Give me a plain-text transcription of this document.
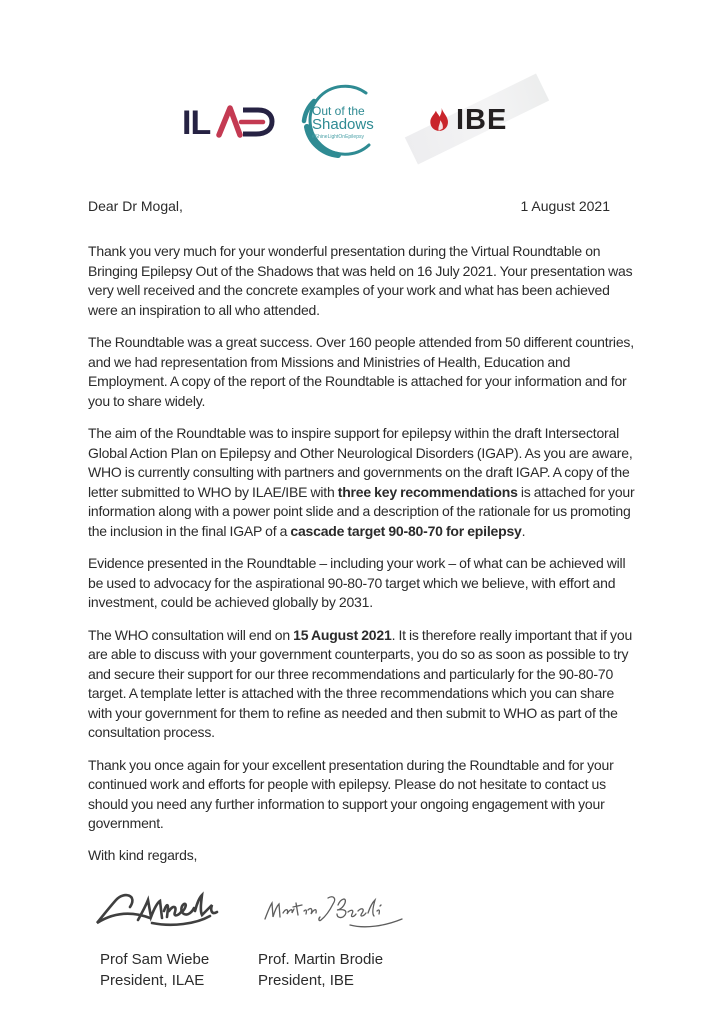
IL	Out of the
Shadows
#ShineLightOnEpilepsy
IBE
Dear Dr Mogal,	1 August 2021

Thank you very much for your wonderful presentation during the Virtual Roundtable on Bringing Epilepsy Out of the Shadows that was held on 16 July 2021. Your presentation was very well received and the concrete examples of your work and what has been achieved were an inspiration to all who attended.

The Roundtable was a great success. Over 160 people attended from 50 different countries, and we had representation from Missions and Ministries of Health, Education and Employment. A copy of the report of the Roundtable is attached for your information and for you to share widely.

The aim of the Roundtable was to inspire support for epilepsy within the draft Intersectoral Global Action Plan on Epilepsy and Other Neurological Disorders (IGAP). As you are aware, WHO is currently consulting with partners and governments on the draft IGAP. A copy of the letter submitted to WHO by ILAE/IBE with three key recommendations is attached for your information along with a power point slide and a description of the rationale for us promoting the inclusion in the final IGAP of a cascade target 90-80-70 for epilepsy.

Evidence presented in the Roundtable – including your work – of what can be achieved will be used to advocacy for the aspirational 90-80-70 target which we believe, with effort and investment, could be achieved globally by 2031.

The WHO consultation will end on 15 August 2021. It is therefore really important that if you are able to discuss with your government counterparts, you do so as soon as possible to try and secure their support for our three recommendations and particularly for the 90-80-70 target. A template letter is attached with the three recommendations which you can share with your government for them to refine as needed and then submit to WHO as part of the consultation process.

Thank you once again for your excellent presentation during the Roundtable and for your continued work and efforts for people with epilepsy. Please do not hesitate to contact us should you need any further information to support your ongoing engagement with your government.

With kind regards,

Prof Sam Wiebe
President, ILAE
Prof. Martin Brodie
President, IBE
